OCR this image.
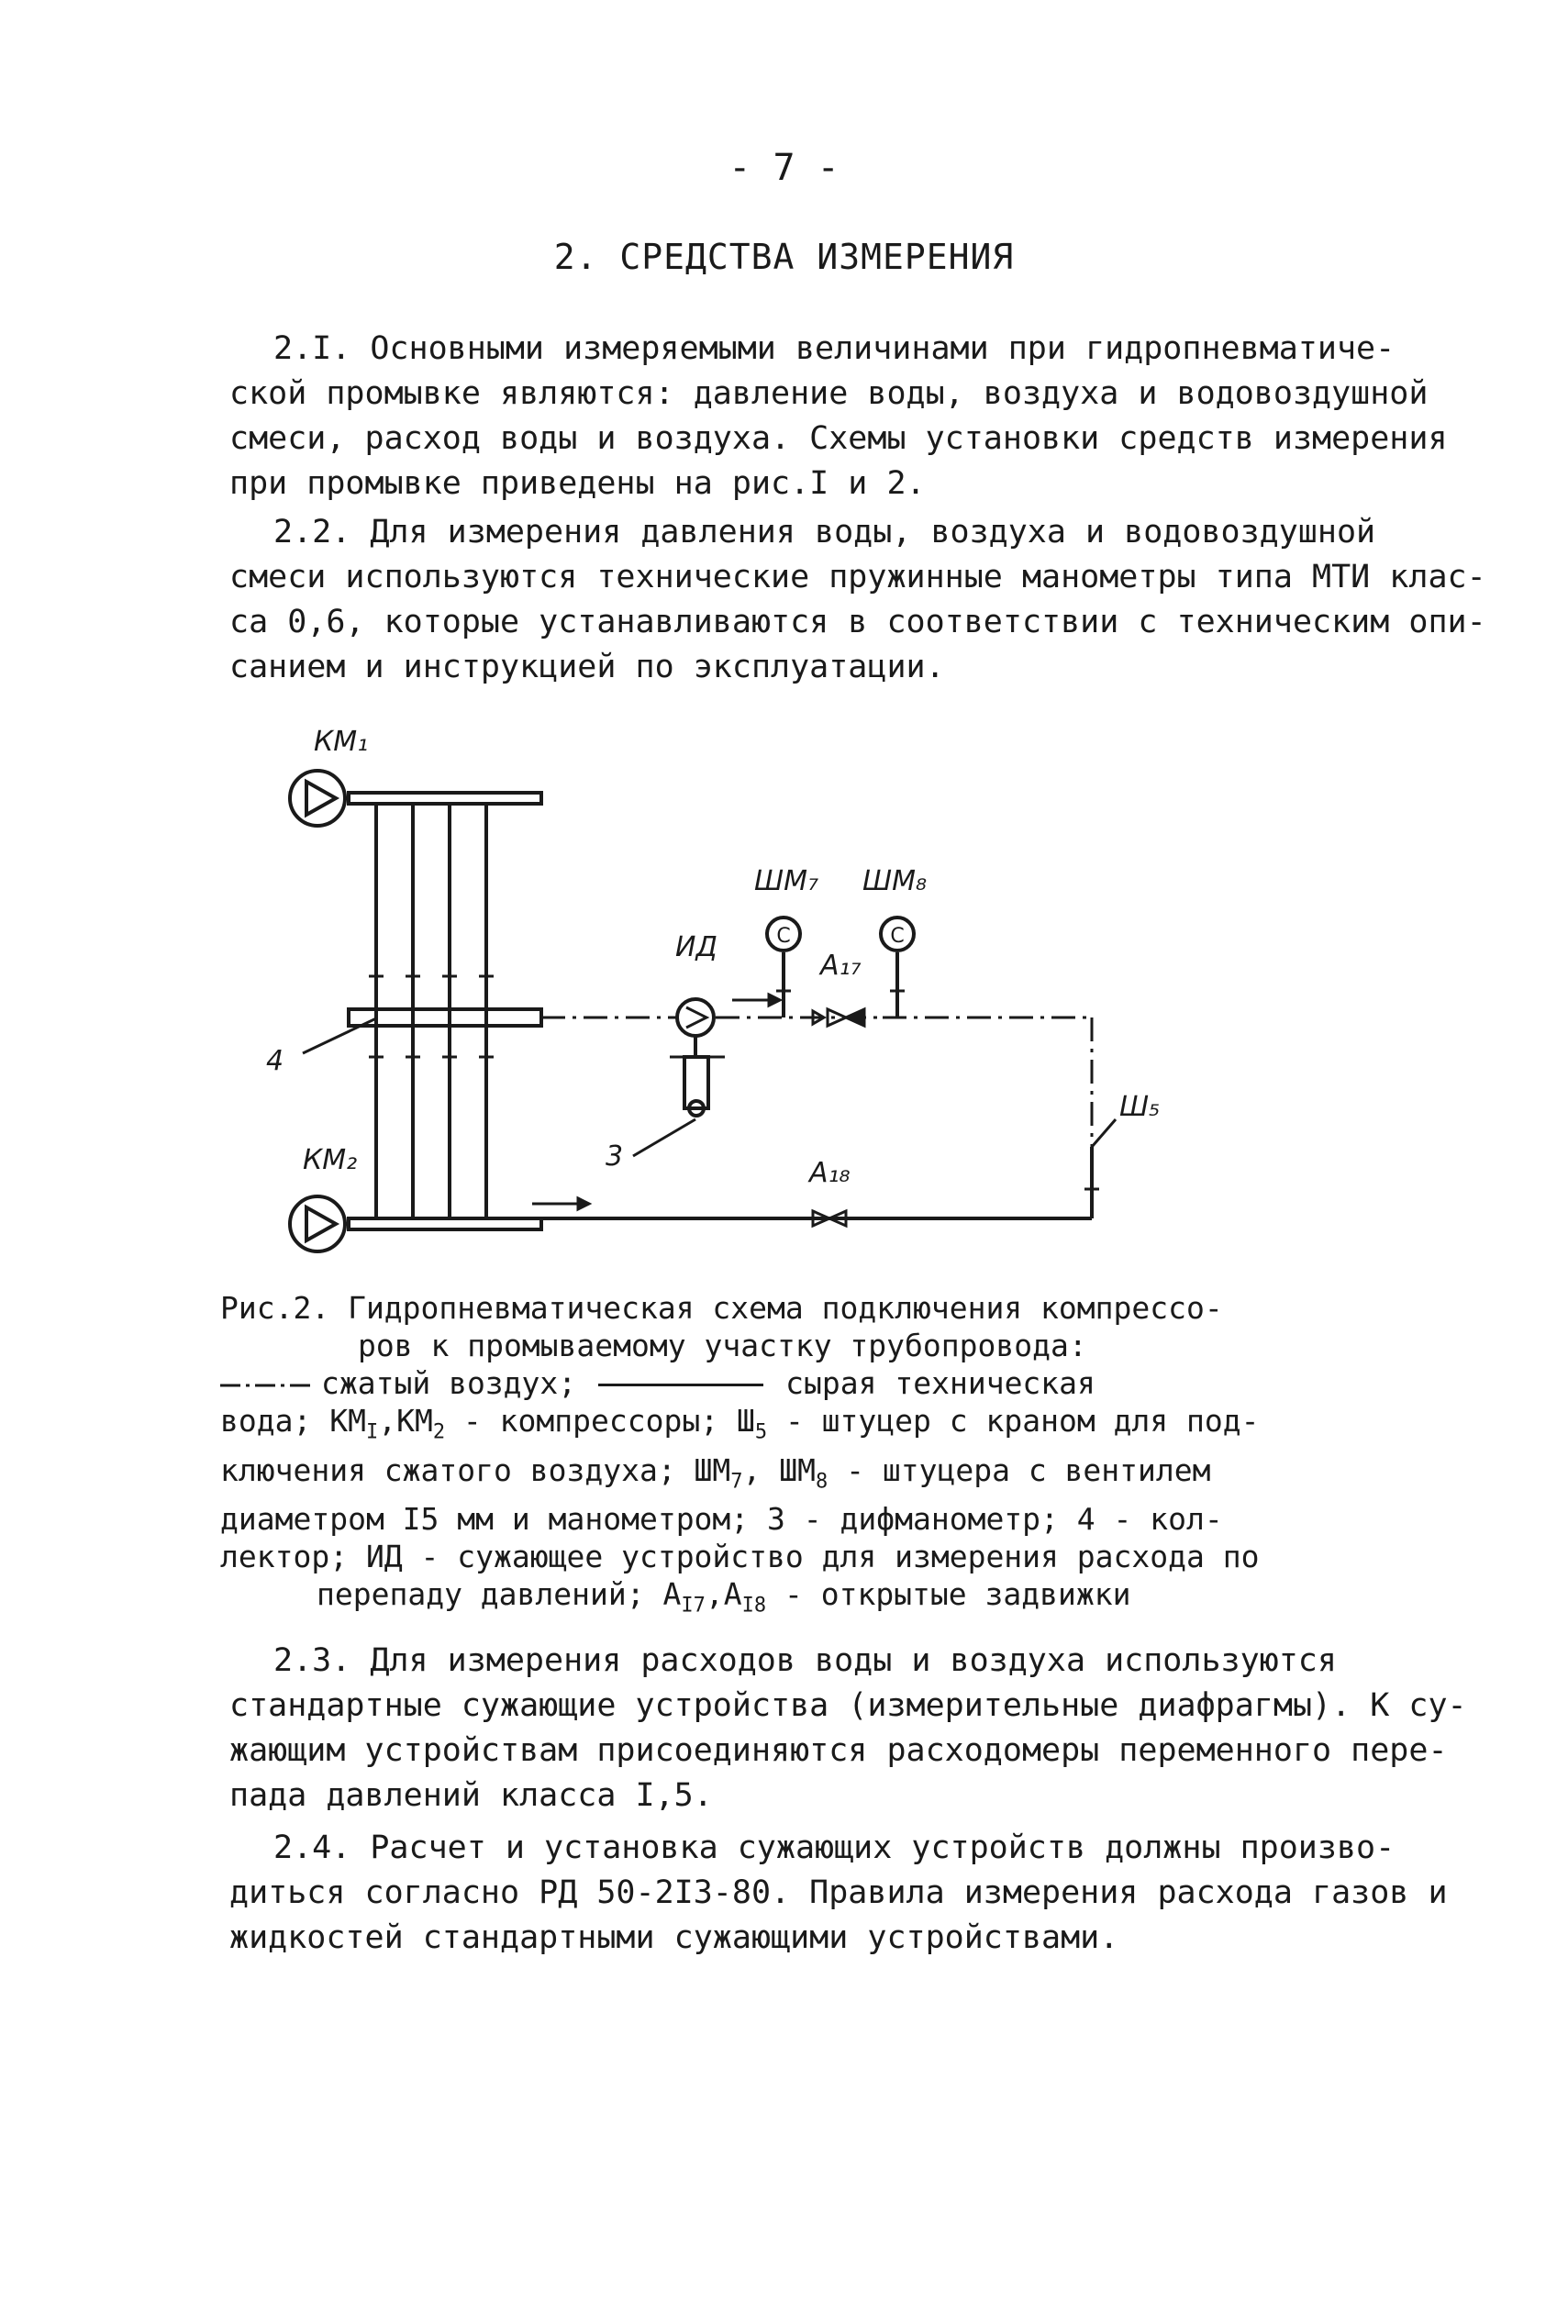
- 7 -
2. СРЕДСТВА ИЗМЕРЕНИЯ

2.I. Основными измеряемыми величинами при гидропневматиче-
ской промывке являются: давление воды, воздуха и водовоздушной
смеси, расход воды и воздуха. Схемы установки средств измерения
при промывке приведены на рис.I и 2.

2.2. Для измерения давления воды, воздуха и водовоздушной
смеси используются технические пружинные манометры типа МТИ клас-
са 0,6, которые устанавливаются в соответствии с техническим опи-
санием и инструкцией по эксплуатации.

С	С
КМ₁
КМ₂
4
ИД
3
ШМ₇ ШМ₈
А₁₇
А₁₈
Ш₅
Рис.2. Гидропневматическая схема подключения компрессо-
ров к промываемому участку трубопровода:
сжатый воздух;	сырая техническая
вода; $КМ_I,КМ_2$ - компрессоры; $Ш_5$ - штуцер с краном для под-
ключения сжатого воздуха; $ШМ_7$, $ШМ_8$ - штуцера с вентилем
диаметром I5 мм и манометром; 3 - дифманометр; 4 - кол-
лектор; ИД - сужающее устройство для измерения расхода по
перепаду давлений; $А_{I7},А_{I8}$ - открытые задвижки

2.3. Для измерения расходов воды и воздуха используются
стандартные сужающие устройства (измерительные диафрагмы). К су-
жающим устройствам присоединяются расходомеры переменного пере-
пада давлений класса I,5.

2.4. Расчет и установка сужающих устройств должны произво-
диться согласно РД 50-2I3-80. Правила измерения расхода газов и
жидкостей стандартными сужающими устройствами.
